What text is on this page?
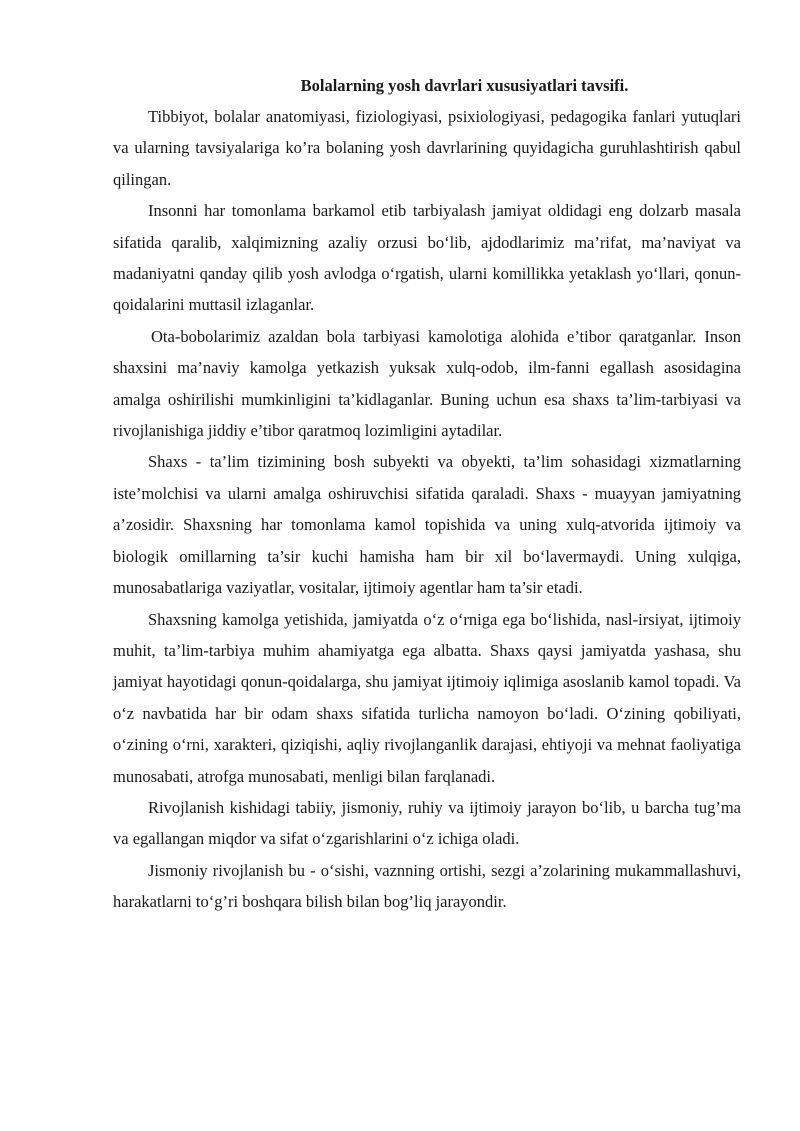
Bolalarning yosh davrlari xususiyatlari tavsifi.

Tibbiyot, bolalar anatomiyasi, fiziologiyasi, psixiologiyasi, pedagogika fanlari yutuqlari va ularning tavsiyalariga ko’ra bolaning yosh davrlarining quyidagicha guruhlashtirish qabul qilingan.

Insonni har tomonlama barkamol etib tarbiyalash jamiyat oldidagi eng dolzarb masala sifatida qaralib, xalqimizning azaliy orzusi bo‘lib, ajdodlarimiz ma’rifat, ma’naviyat va madaniyatni qanday qilib yosh avlodga o‘rgatish, ularni komillikka yetaklash yo‘llari, qonun-qoidalarini muttasil izlaganlar.

Ota-bobolarimiz azaldan bola tarbiyasi kamolotiga alohida e’tibor qaratganlar. Inson shaxsini ma’naviy kamolga yetkazish yuksak xulq-odob, ilm-fanni egallash asosidagina amalga oshirilishi mumkinligini ta’kidlaganlar. Buning uchun esa shaxs ta’lim-tarbiyasi va rivojlanishiga jiddiy e’tibor qaratmoq lozimligini aytadilar.

Shaxs - ta’lim tizimining bosh subyekti va obyekti, ta’lim sohasidagi xizmatlarning iste’molchisi va ularni amalga oshiruvchisi sifatida qaraladi. Shaxs - muayyan jamiyatning a’zosidir. Shaxsning har tomonlama kamol topishida va uning xulq-atvorida ijtimoiy va biologik omillarning ta’sir kuchi hamisha ham bir xil bo‘lavermaydi. Uning xulqiga, munosabatlariga vaziyatlar, vositalar, ijtimoiy agentlar ham ta’sir etadi.

Shaxsning kamolga yetishida, jamiyatda o‘z o‘rniga ega bo‘lishida, nasl-irsiyat, ijtimoiy muhit, ta’lim-tarbiya muhim ahamiyatga ega albatta. Shaxs qaysi jamiyatda yashasa, shu jamiyat hayotidagi qonun-qoidalarga, shu jamiyat ijtimoiy iqlimiga asoslanib kamol topadi. Va o‘z navbatida har bir odam shaxs sifatida turlicha namoyon bo‘ladi. O‘zining qobiliyati, o‘zining o‘rni, xarakteri, qiziqishi, aqliy rivojlanganlik darajasi, ehtiyoji va mehnat faoliyatiga munosabati, atrofga munosabati, menligi bilan farqlanadi.

Rivojlanish kishidagi tabiiy, jismoniy, ruhiy va ijtimoiy jarayon bo‘lib, u barcha tug’ma va egallangan miqdor va sifat o‘zgarishlarini o‘z ichiga oladi.

Jismoniy rivojlanish bu - o‘sishi, vaznning ortishi, sezgi a’zolarining mukammallashuvi, harakatlarni to‘g’ri boshqara bilish bilan bog’liq jarayondir.
